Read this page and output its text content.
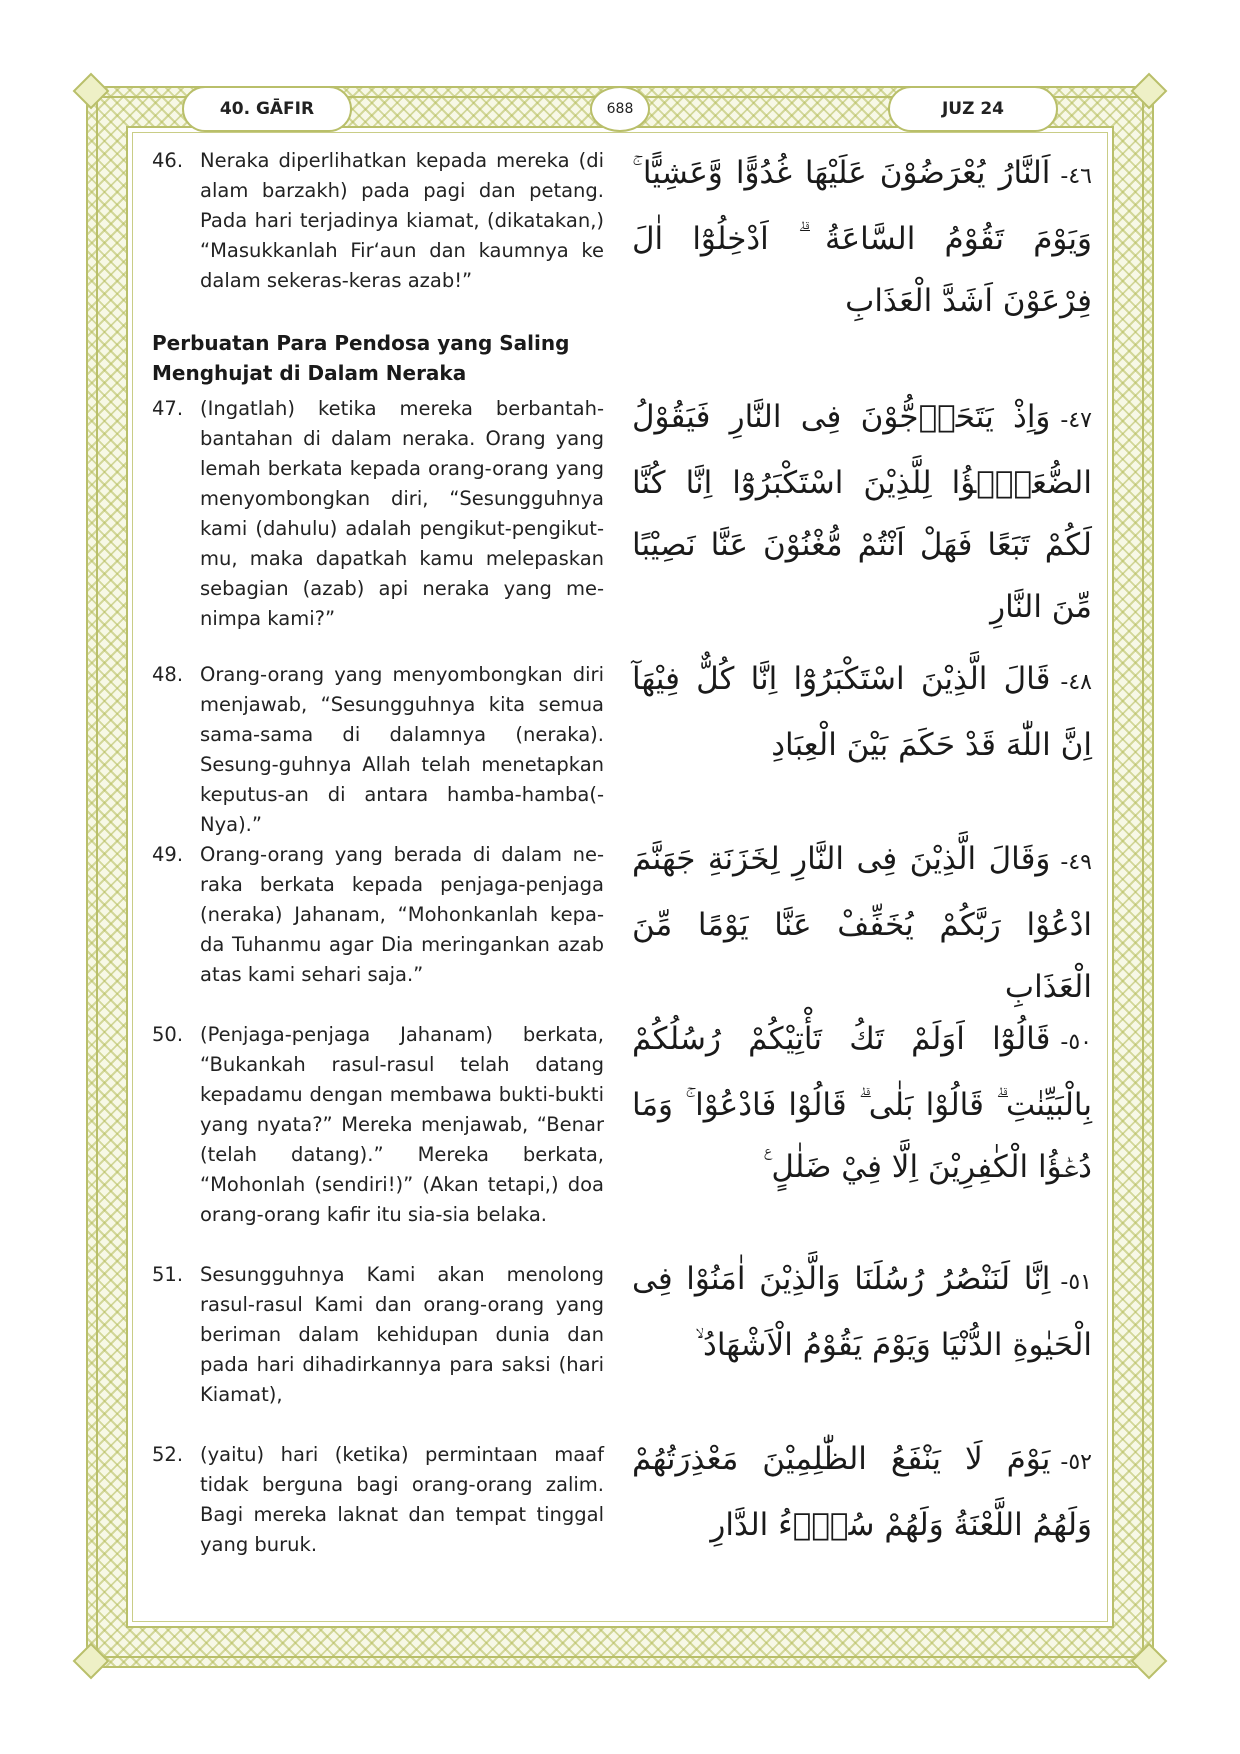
40. GĀFIR	688	JUZ 24
46. Neraka diperlihatkan kepada mereka (di alam barzakh) pada pagi dan petang. Pada hari terjadinya kiamat, (dikatakan,) “Masukkanlah Fir‘aun dan kaumnya ke dalam sekeras-keras azab!”
٤٦-اَلنَّارُ يُعْرَضُوْنَ عَلَيْهَا غُدُوًّا وَّعَشِيًّا ۚ وَيَوْمَ تَقُوْمُ السَّاعَةُ ۗ اَدْخِلُوْٓا اٰلَ فِرْعَوْنَ اَشَدَّ الْعَذَابِ
Perbuatan Para Pendosa yang Saling Menghujat di Dalam Neraka
47. (Ingatlah) ketika mereka berbantah-bantahan di dalam neraka. Orang yang lemah berkata kepada orang-orang yang menyombongkan diri, “Sesungguhnya kami (dahulu) adalah pengikut-pengikut-mu, maka dapatkah kamu melepaskan sebagian (azab) api neraka yang me-nimpa kami?”
٤٧-وَاِذْ يَتَحَاۤجُّوْنَ فِى النَّارِ فَيَقُوْلُ الضُّعَفٰۤؤُا لِلَّذِيْنَ اسْتَكْبَرُوْٓا اِنَّا كُنَّا لَكُمْ تَبَعًا فَهَلْ اَنْتُمْ مُّغْنُوْنَ عَنَّا نَصِيْبًا مِّنَ النَّارِ
48. Orang-orang yang menyombongkan diri menjawab, “Sesungguhnya kita semua sama-sama di dalamnya (neraka). Sesung-guhnya Allah telah menetapkan keputus-an di antara hamba-hamba(-Nya).”
٤٨-قَالَ الَّذِيْنَ اسْتَكْبَرُوْٓا اِنَّا كُلٌّ فِيْهَآ اِنَّ اللّٰهَ قَدْ حَكَمَ بَيْنَ الْعِبَادِ
49. Orang-orang yang berada di dalam ne-raka berkata kepada penjaga-penjaga (neraka) Jahanam, “Mohonkanlah kepa-da Tuhanmu agar Dia meringankan azab atas kami sehari saja.”
٤٩-وَقَالَ الَّذِيْنَ فِى النَّارِ لِخَزَنَةِ جَهَنَّمَ ادْعُوْا رَبَّكُمْ يُخَفِّفْ عَنَّا يَوْمًا مِّنَ الْعَذَابِ
50. (Penjaga-penjaga Jahanam) berkata, “Bukankah rasul-rasul telah datang kepadamu dengan membawa bukti-bukti yang nyata?” Mereka menjawab, “Benar (telah datang).” Mereka berkata, “Mohonlah (sendiri!)” (Akan tetapi,) doa orang-orang kafir itu sia-sia belaka.
٥٠-قَالُوْٓا اَوَلَمْ تَكُ تَأْتِيْكُمْ رُسُلُكُمْ بِالْبَيِّنٰتِ ۗ قَالُوْا بَلٰى ۗ قَالُوْا فَادْعُوْا ۚ وَمَا دُعٰۤؤُا الْكٰفِرِيْنَ اِلَّا فِيْ ضَلٰلٍ ࣖ
51. Sesungguhnya Kami akan menolong rasul-rasul Kami dan orang-orang yang beriman dalam kehidupan dunia dan pada hari dihadirkannya para saksi (hari Kiamat),
٥١-اِنَّا لَنَنْصُرُ رُسُلَنَا وَالَّذِيْنَ اٰمَنُوْا فِى الْحَيٰوةِ الدُّنْيَا وَيَوْمَ يَقُوْمُ الْاَشْهَادُ ۙ
52. (yaitu) hari (ketika) permintaan maaf tidak berguna bagi orang-orang zalim. Bagi mereka laknat dan tempat tinggal yang buruk.
٥٢-يَوْمَ لَا يَنْفَعُ الظّٰلِمِيْنَ مَعْذِرَتُهُمْ وَلَهُمُ اللَّعْنَةُ وَلَهُمْ سُوْۤءُ الدَّارِ
